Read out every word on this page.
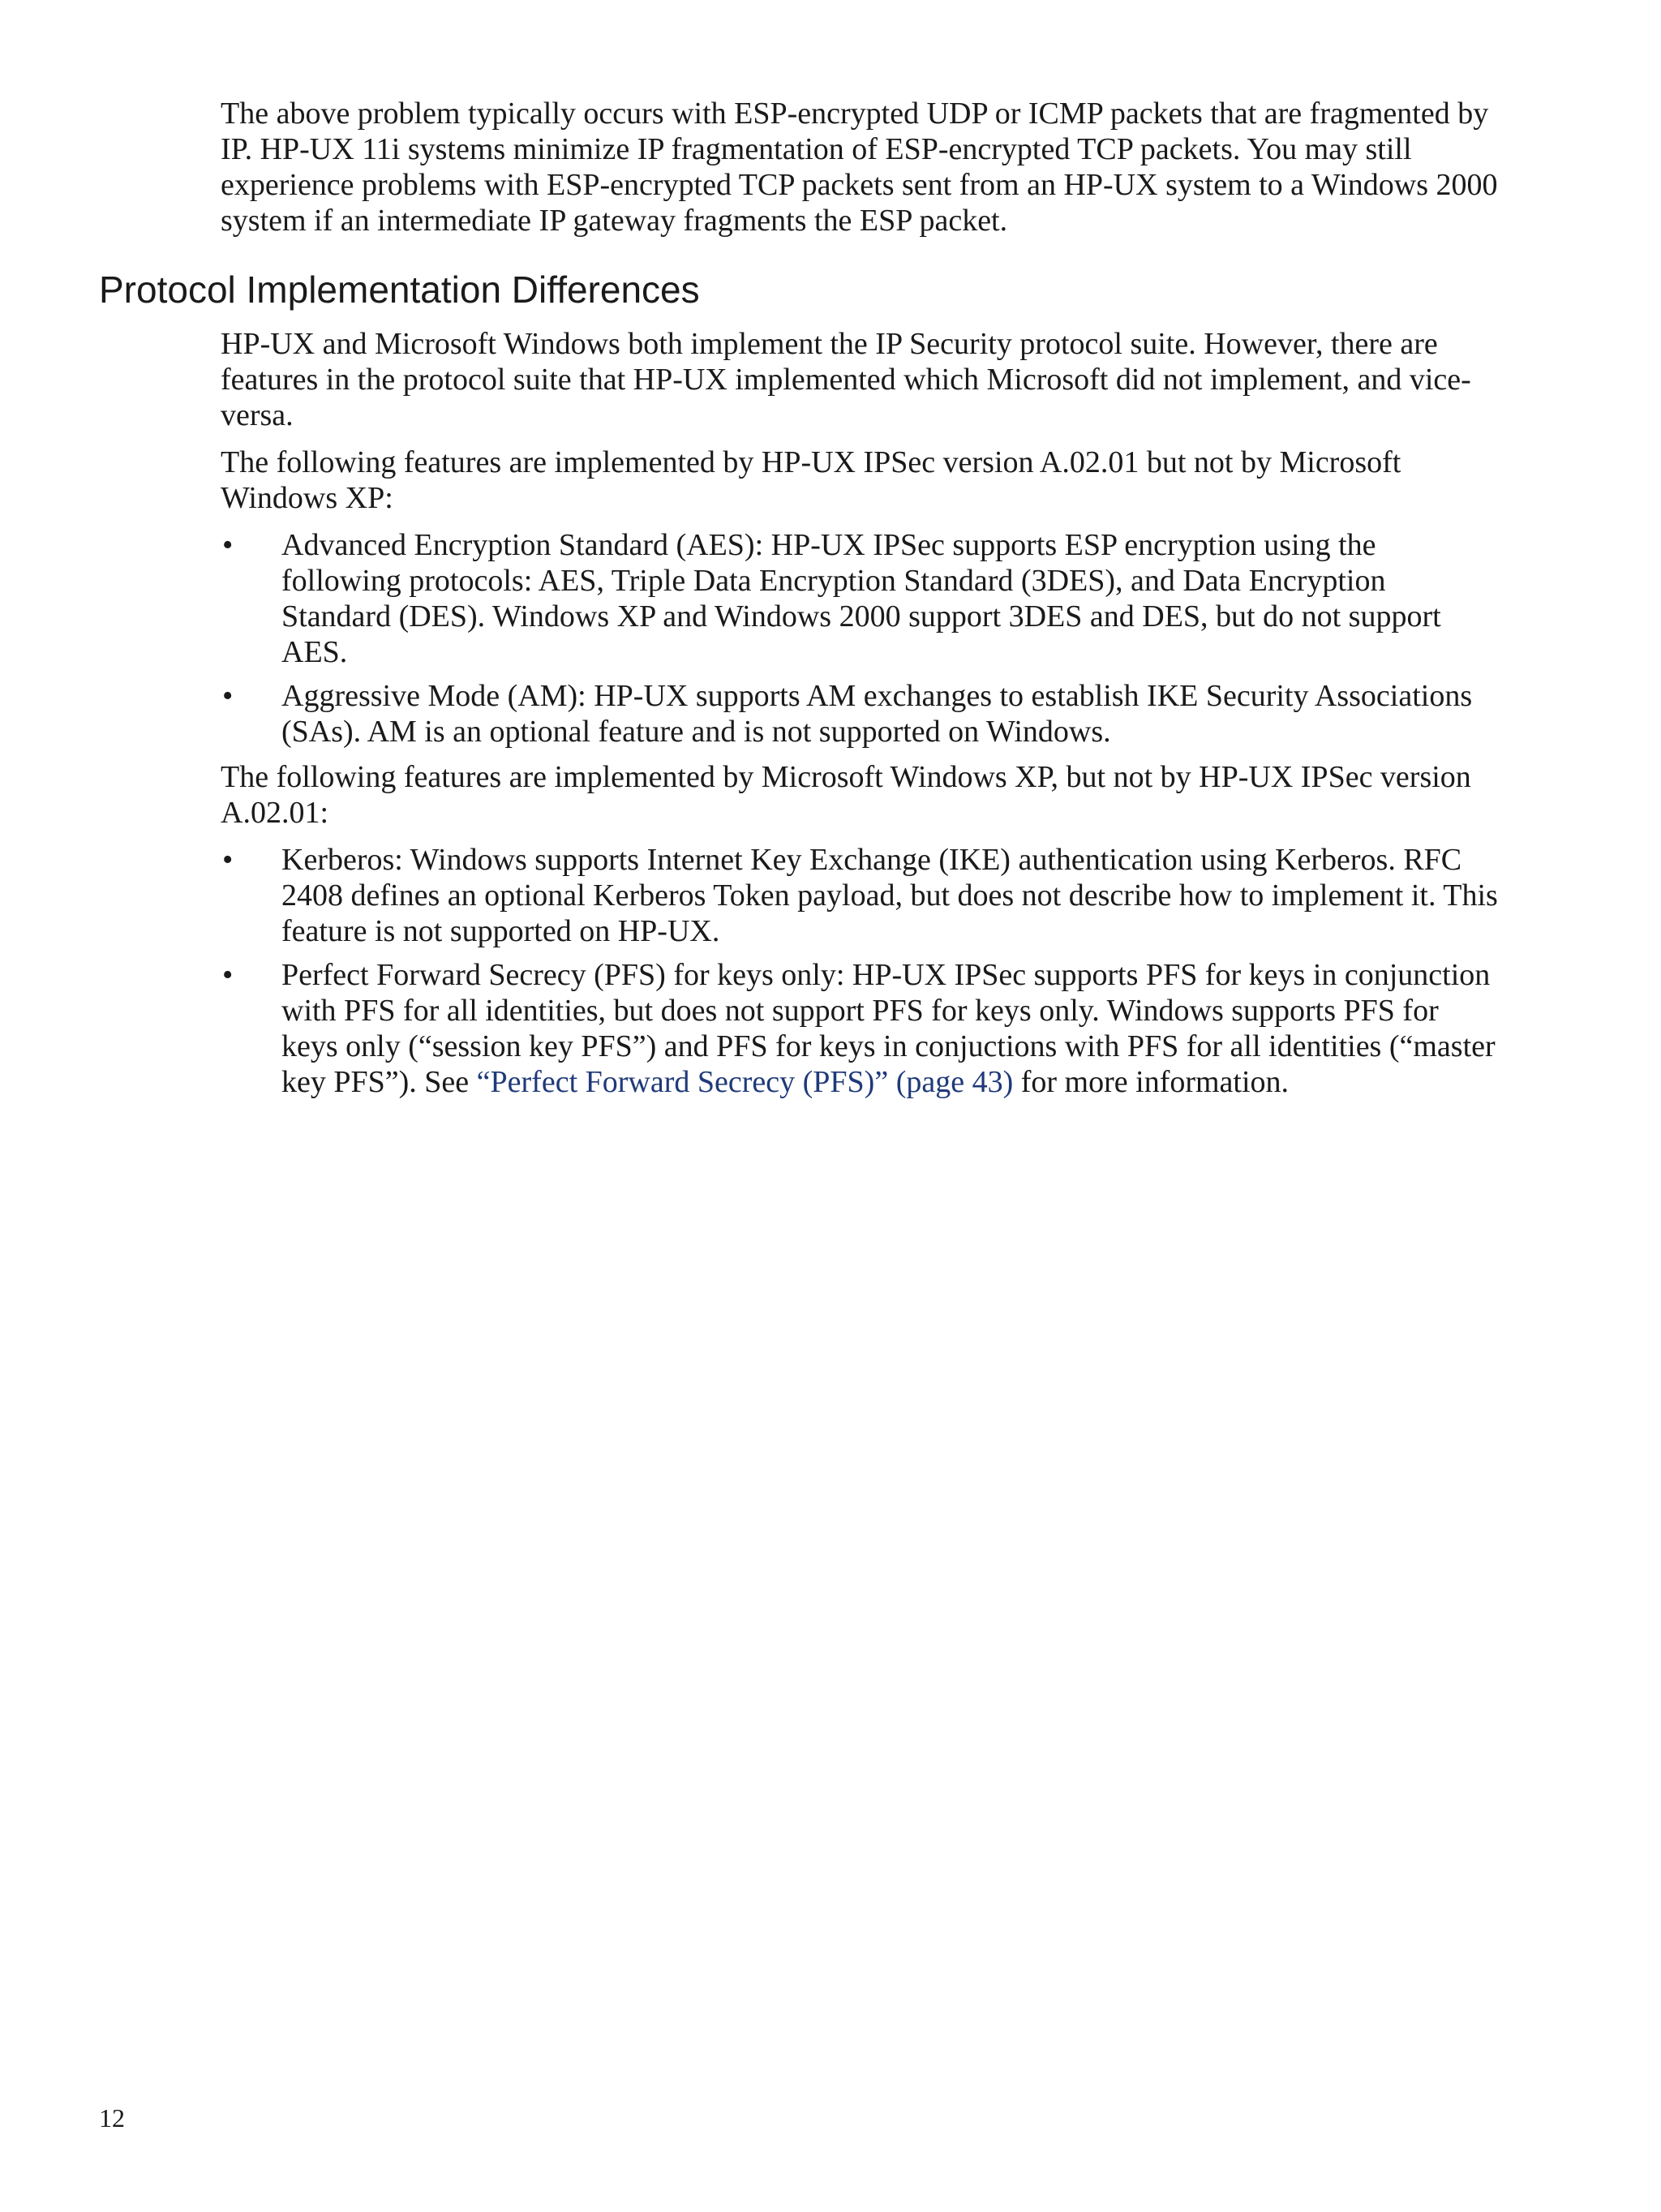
The above problem typically occurs with ESP-encrypted UDP or ICMP packets that are fragmented by IP. HP-UX 11i systems minimize IP fragmentation of ESP-encrypted TCP packets. You may still experience problems with ESP-encrypted TCP packets sent from an HP-UX system to a Windows 2000 system if an intermediate IP gateway fragments the ESP packet.

Protocol Implementation Differences

HP-UX and Microsoft Windows both implement the IP Security protocol suite. However, there are features in the protocol suite that HP-UX implemented which Microsoft did not implement, and vice-versa.

The following features are implemented by HP-UX IPSec version A.02.01 but not by Microsoft Windows XP:

• Advanced Encryption Standard (AES): HP-UX IPSec supports ESP encryption using the following protocols: AES, Triple Data Encryption Standard (3DES), and Data Encryption Standard (DES). Windows XP and Windows 2000 support 3DES and DES, but do not support AES.
• Aggressive Mode (AM): HP-UX supports AM exchanges to establish IKE Security Associations (SAs). AM is an optional feature and is not supported on Windows.

The following features are implemented by Microsoft Windows XP, but not by HP-UX IPSec version A.02.01:

• Kerberos: Windows supports Internet Key Exchange (IKE) authentication using Kerberos. RFC 2408 defines an optional Kerberos Token payload, but does not describe how to implement it. This feature is not supported on HP-UX.
• Perfect Forward Secrecy (PFS) for keys only: HP-UX IPSec supports PFS for keys in conjunction with PFS for all identities, but does not support PFS for keys only. Windows supports PFS for keys only (“session key PFS”) and PFS for keys in conjuctions with PFS for all identities (“master key PFS”). See “Perfect Forward Secrecy (PFS)” (page 43) for more information.
12
